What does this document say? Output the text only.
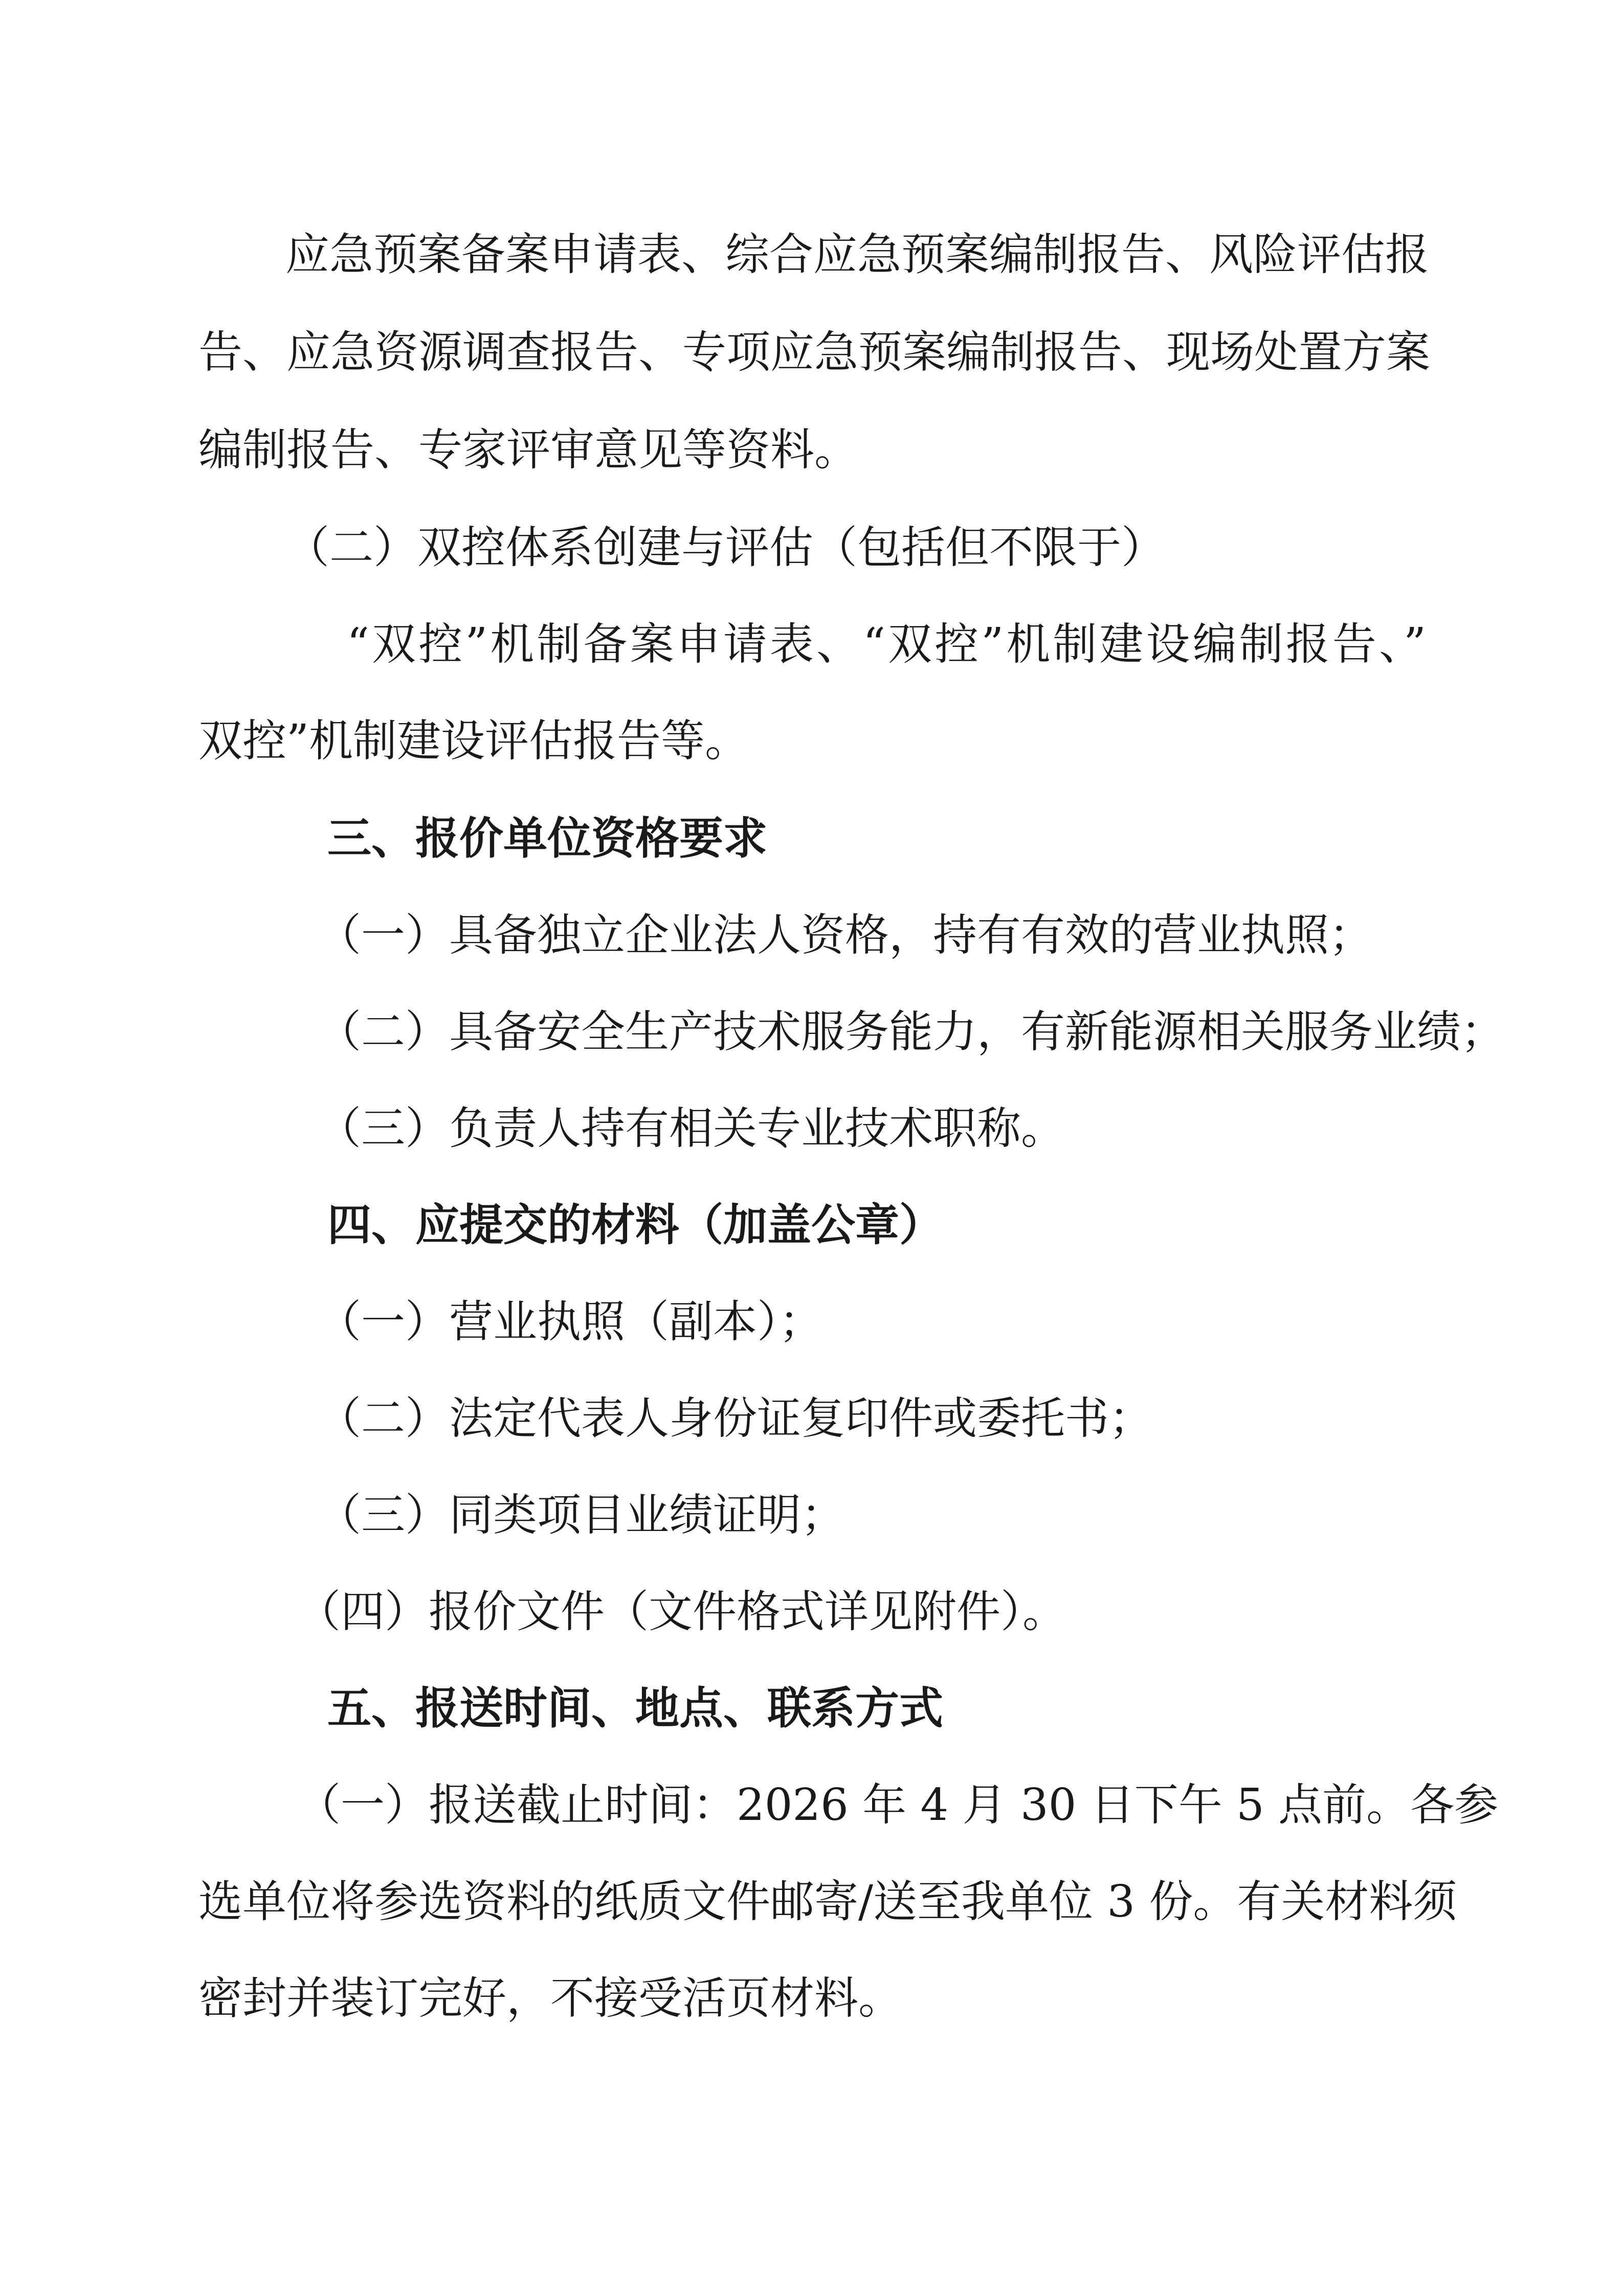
应急预案备案申请表、综合应急预案编制报告、风险评估报
告、应急资源调查报告、专项应急预案编制报告、现场处置方案
编制报告、专家评审意见等资料。
（二）双控体系创建与评估（包括但不限于）
“双控”机制备案申请表、“双控”机制建设编制报告、”
双控”机制建设评估报告等。
三、报价单位资格要求
（一）具备独立企业法人资格，持有有效的营业执照；
（二）具备安全生产技术服务能力，有新能源相关服务业绩；
（三）负责人持有相关专业技术职称。
四、应提交的材料（加盖公章）
（一）营业执照（副本）；
（二）法定代表人身份证复印件或委托书；
（三）同类项目业绩证明；
（四）报价文件（文件格式详见附件）。
五、报送时间、地点、联系方式
（一）报送截止时间：2026 年 4 月 30 日下午 5 点前。各参
选单位将参选资料的纸质文件邮寄/送至我单位 3 份。有关材料须
密封并装订完好，不接受活页材料。
